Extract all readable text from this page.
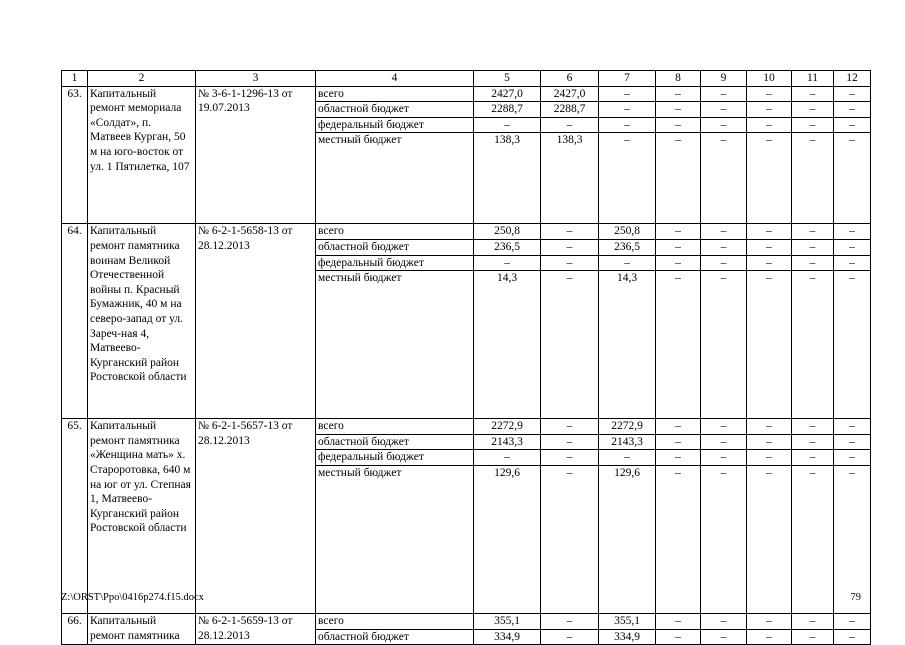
1	2	3	4	5	6	7	8	9	10	11	12
63.	Капитальный ремонт мемориала «Солдат», п. Матвеев Курган, 50 м на юго-восток от ул. 1 Пятилетка, 107	№ 3-6-1-1296-13 от 19.07.2013	всего	2427,0	2427,0	–	–	–	–	–	–
			областной бюджет	2288,7	2288,7	–	–	–	–	–	–
			федеральный бюджет	–	–	–	–	–	–	–	–
			местный бюджет	138,3	138,3	–	–	–	–	–	–
64.	Капитальный ремонт памятника воинам Великой Отечественной войны п. Красный Бумажник, 40 м на северо-запад от ул. Зареч-ная 4, Матвеево-Курганский район Ростовской области	№ 6-2-1-5658-13 от 28.12.2013	всего	250,8	–	250,8	–	–	–	–	–
			областной бюджет	236,5	–	236,5	–	–	–	–	–
			федеральный бюджет	–	–	–	–	–	–	–	–
			местный бюджет	14,3	–	14,3	–	–	–	–	–
65.	Капитальный ремонт памятника «Женщина мать» х. Староротовка, 640 м на юг от ул. Степная 1, Матвеево-Курганский район Ростовской области	№ 6-2-1-5657-13 от 28.12.2013	всего	2272,9	–	2272,9	–	–	–	–	–
			областной бюджет	2143,3	–	2143,3	–	–	–	–	–
			федеральный бюджет	–	–	–	–	–	–	–	–
			местный бюджет	129,6	–	129,6	–	–	–	–	–
66.	Капитальный ремонт памятника	№ 6-2-1-5659-13 от 28.12.2013	всего	355,1	–	355,1	–	–	–	–	–
			областной бюджет	334,9	–	334,9	–	–	–	–	–
Z:\ORST\Ppo\0416p274.f15.docx	79
